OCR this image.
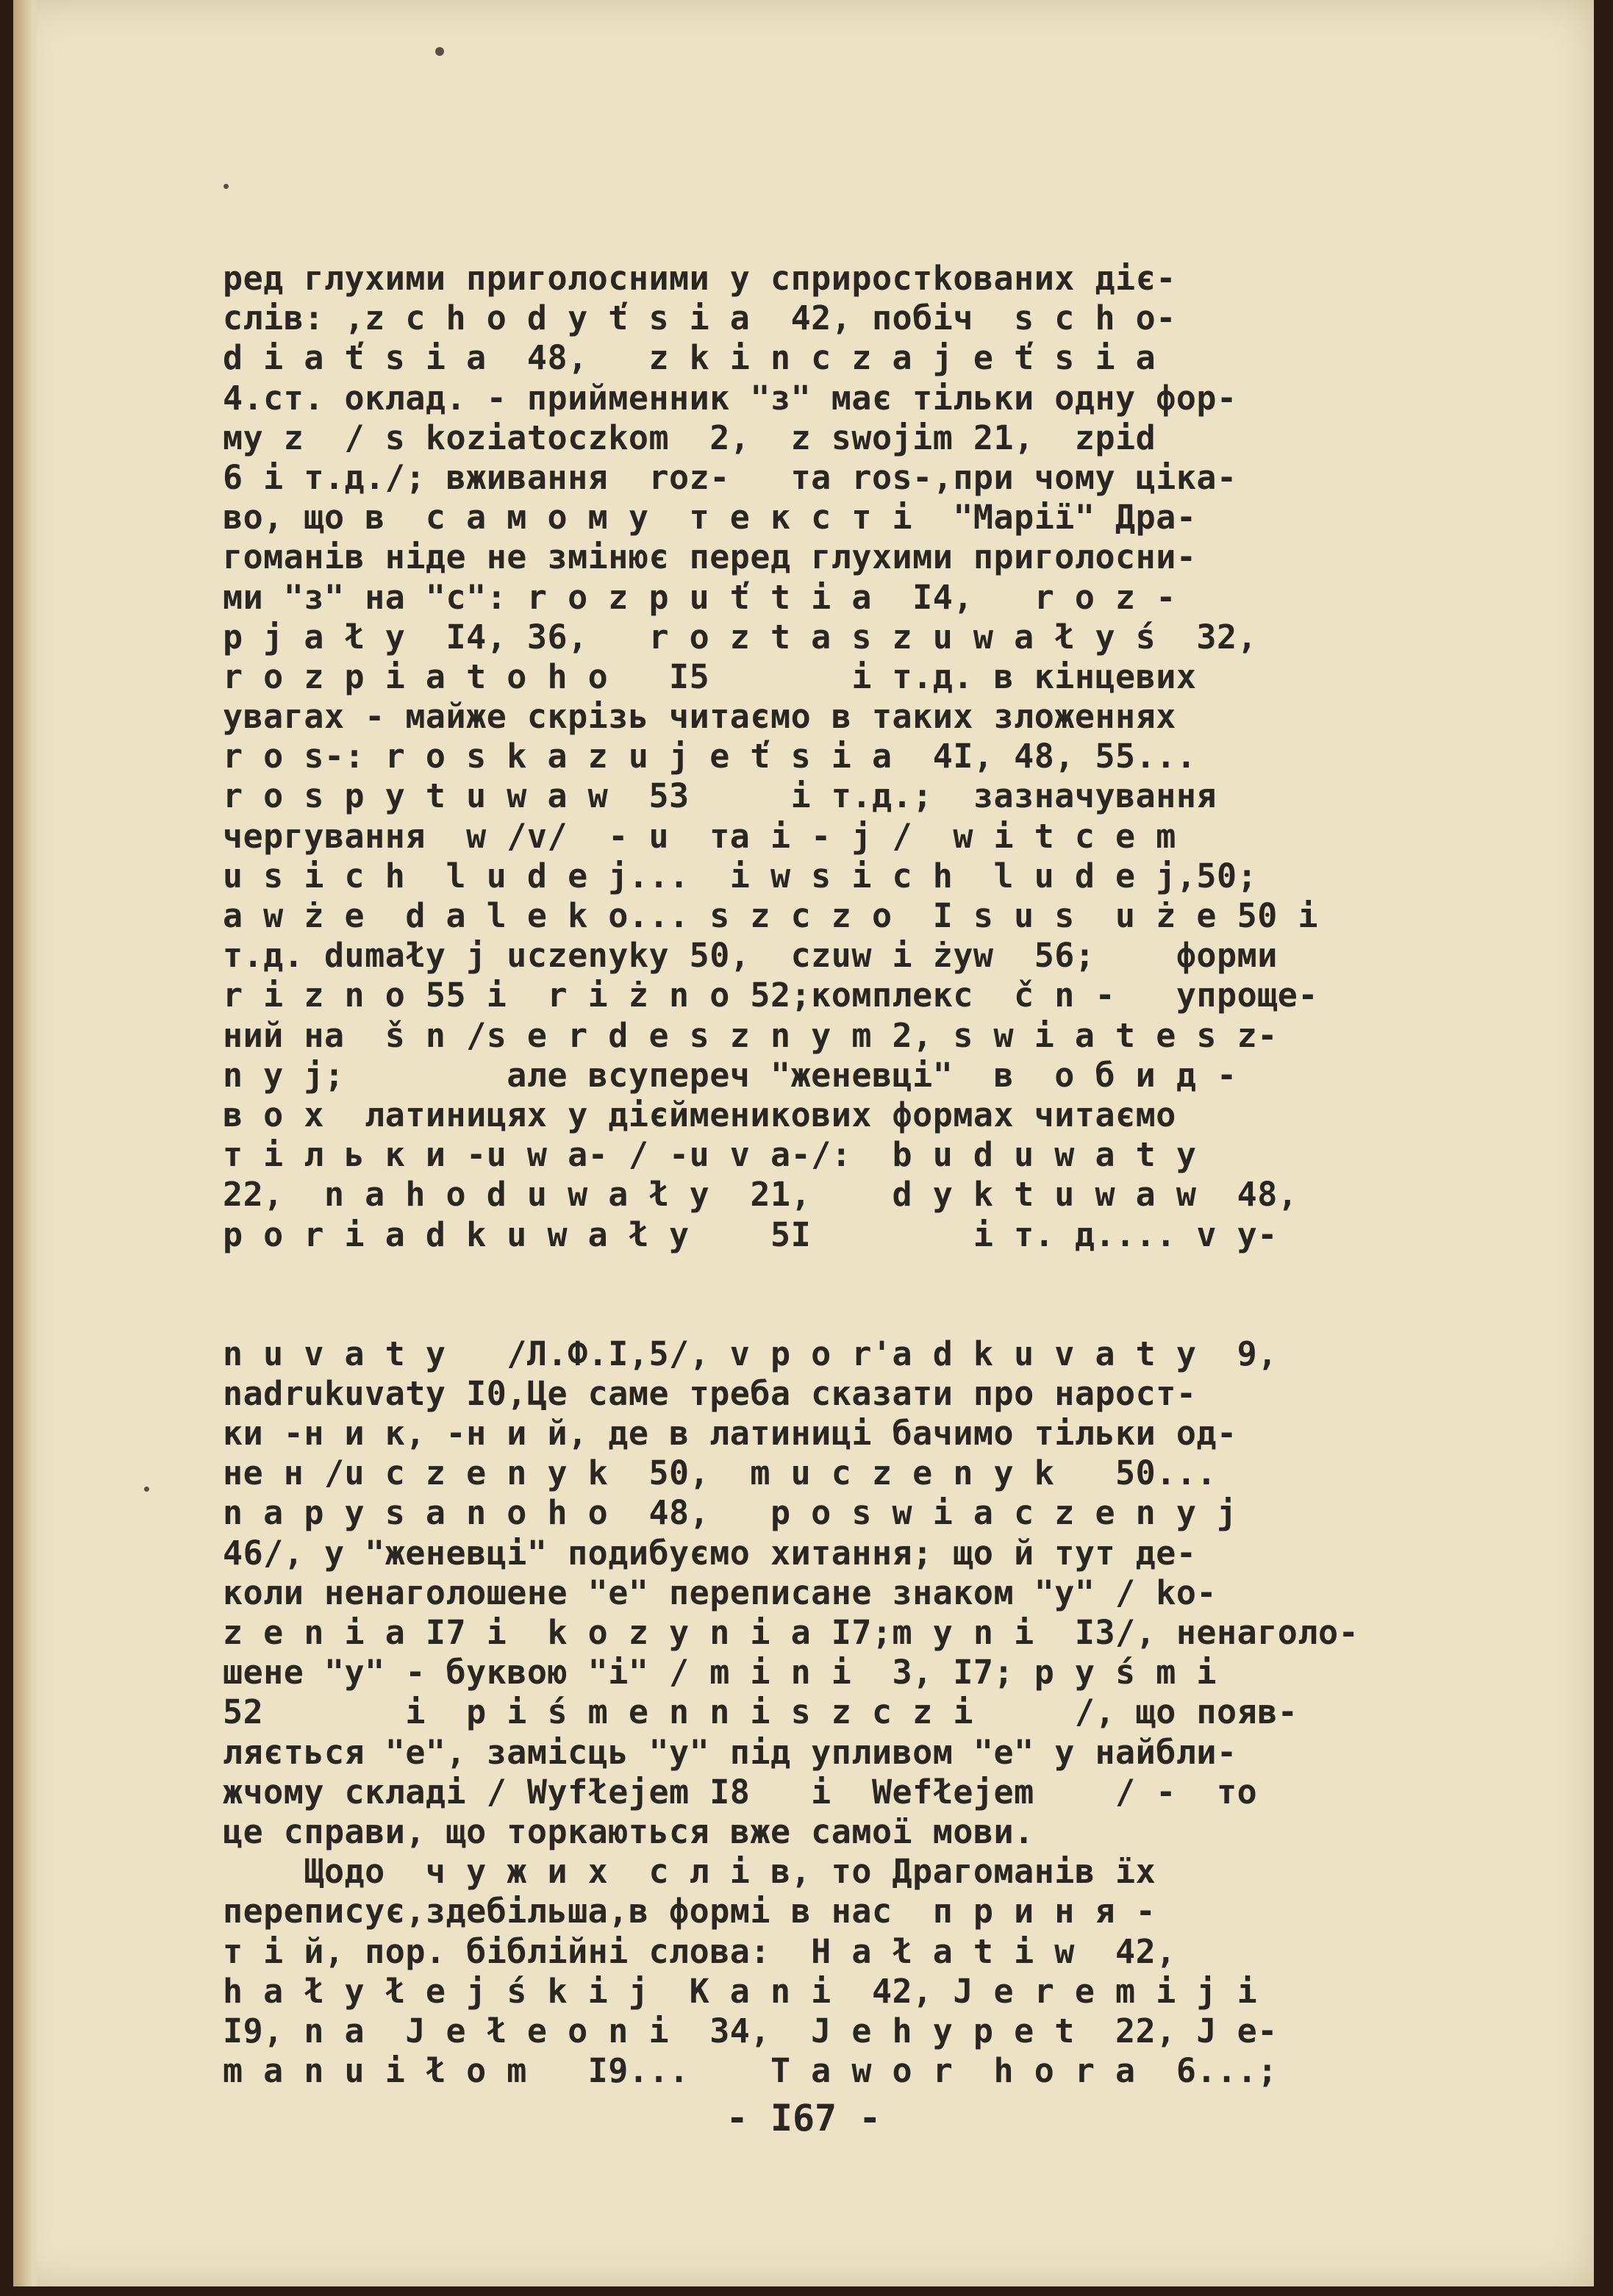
ред глухими приголосними у сприростkованих діє-
слів: ,z c h o d y ť s i a  42, побіч  s c h o-
d i a ť s i a  48,   z k i n c z a j e ť s i a
4.ст. оклад. - прийменник "з" має тільки одну фор-
му z  / s koziatoczkom  2,  z swojim 21,  zpid
6 і т.д./; вживання  roz-   та ros-,при чому ціка-
во, що в  с а м о м у  т е к с т і  "Марії" Дра-
гоманів ніде не змінює перед глухими приголосни-
ми "з" на "с": r o z p u ť t i a  I4,   r o z -
p j a ł y  I4, 36,   r o z t a s z u w a ł y ś  32,
r o z p i a t o h o   I5       і т.д. в кінцевих
увагах - майже скрізь читаємо в таких зложеннях
r o s-: r o s k a z u j e ť s i a  4I, 48, 55...
r o s p y t u w a w  53     і т.д.;  зазначування
чергування  w /v/  - u  та і - j /  w i t c e m
u s i c h  l u d e j...  і w s i c h  l u d e j,50;
a w ż e  d a l e k o... s z c z o  I s u s  u ż e 50 і
т.д. dumały j uczenyky 50,  czuw і żyw  56;    форми
r i z n o 55 і  r i ż n o 52;комплекс  č n -   упроще-
ний на  š n /s e r d e s z n y m 2, s w i a t e s z-
n y j;        але всупереч "женевці"  в  о б и д -
в о х  латиницях у дієйменикових формах читаємо
т і л ь к и -u w a- / -u v a-/:  b u d u w a t y
22,  n a h o d u w a ł y  21,    d y k t u w a w  48,
p o r i a d k u w a ł y    5I        і т. д.... v y-
n u v a t y   /Л.Ф.І,5/, v p o r'a d k u v a t y  9,
nadrukuvaty I0,Це саме треба сказати про нарост-
ки -н и к, -н и й, де в латиниці бачимо тільки од-
не н /u c z e n y k  50,  m u c z e n y k   50...
n a p y s a n o h o  48,   p o s w i a c z e n y j
46/, у "женевці" подибуємо хитання; що й тут де-
коли ненаголошене "е" переписане знаком "у" / ko-
z e n i a I7 і  k o z y n i a I7;m y n i  I3/, ненаголо-
шене "у" - буквою "і" / m i n i  3, I7; p y ś m i
52       і  p i ś m e n n i s z c z i     /, що появ-
ляється "е", замісць "у" під упливом "е" у найбли-
жчому складі / Wyfłejem I8   і  Wefłejem    / -  то
це справи, що торкаються вже самої мови.
Щодо  ч у ж и х  с л і в, то Драгоманів їх
переписує,здебільша,в формі в нас  п р и н я -
т і й, пор. біблійні слова:  H a ł a t i w  42,
h a ł y ł e j ś k i j  K a n i  42, J e r e m i j i
I9, n a  J e ł e o n i  34,  J e h y p e t  22, J e-
m a n u i ł o m   I9...    T a w o r  h o r a  6...;
- I67 -
